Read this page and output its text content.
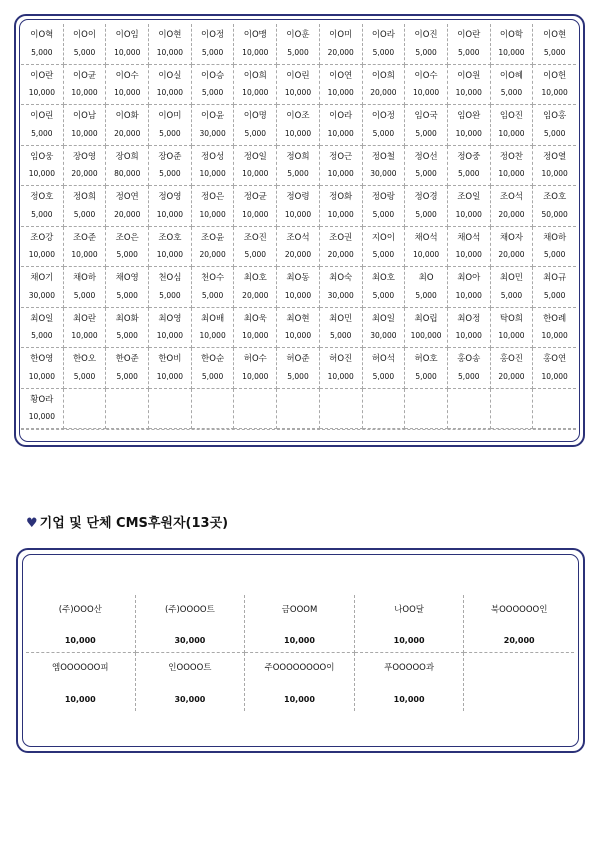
이O혁
5,000
이O이
5,000
이O임
10,000
이O현
10,000
이O정
5,000
이O맹
10,000
이O훈
5,000
이O미
20,000
이O라
5,000
이O진
5,000
이O란
5,000
이O학
10,000
이O현
5,000
이O란
10,000
이O균
10,000
이O수
10,000
이O실
10,000
이O승
5,000
이O희
10,000
이O린
10,000
이O연
10,000
이O희
20,000
이O수
10,000
이O원
10,000
이O혜
5,000
이O헌
10,000
이O린
5,000
이O남
10,000
이O화
20,000
이O미
5,000
이O윤
30,000
이O명
5,000
이O조
10,000
이O라
10,000
이O정
5,000
임O국
5,000
임O완
10,000
임O진
10,000
임O홍
5,000
임O웅
10,000
장O영
20,000
장O희
80,000
장O준
5,000
정O성
10,000
정O일
10,000
정O희
5,000
정O근
10,000
정O철
30,000
정O선
5,000
정O중
5,000
정O찬
10,000
정O열
10,000
정O호
5,000
정O희
5,000
정O연
20,000
정O영
10,000
정O은
10,000
정O균
10,000
정O령
10,000
정O화
10,000
정O랑
5,000
정O경
5,000
조O일
10,000
조O석
20,000
조O호
50,000
조O강
10,000
조O준
10,000
조O은
5,000
조O호
10,000
조O윤
20,000
조O진
5,000
조O석
20,000
조O권
20,000
지O이
5,000
채O석
10,000
채O석
10,000
채O자
20,000
채O하
5,000
채O기
30,000
채O하
5,000
채O영
5,000
천O심
5,000
천O수
5,000
최O호
20,000
최O동
10,000
최O숙
30,000
최O호
5,000
최O
5,000
최O아
10,000
최O민
5,000
최O규
5,000
최O일
5,000
최O란
10,000
최O화
5,000
최O영
10,000
최O배
10,000
최O욱
10,000
최O현
10,000
최O민
5,000
최O일
30,000
최O립
100,000
최O정
10,000
탁O희
10,000
한O례
10,000
한O영
10,000
한O오
5,000
한O준
5,000
한O비
10,000
한O순
5,000
허O수
10,000
허O준
5,000
허O진
10,000
허O석
5,000
허O호
5,000
홍O송
5,000
홍O진
20,000
홍O연
10,000
황O라
10,000
♥ 기업 및 단체 CMS후원자(13곳)
(주)OOO산
10,000
(주)OOOO트
30,000
금OOOM
10,000
나OO달
10,000
북OOOOOO인
20,000
엠OOOOOO피
10,000
인OOOO트
30,000
주OOOOOOOO이
10,000
푸OOOOO과
10,000
